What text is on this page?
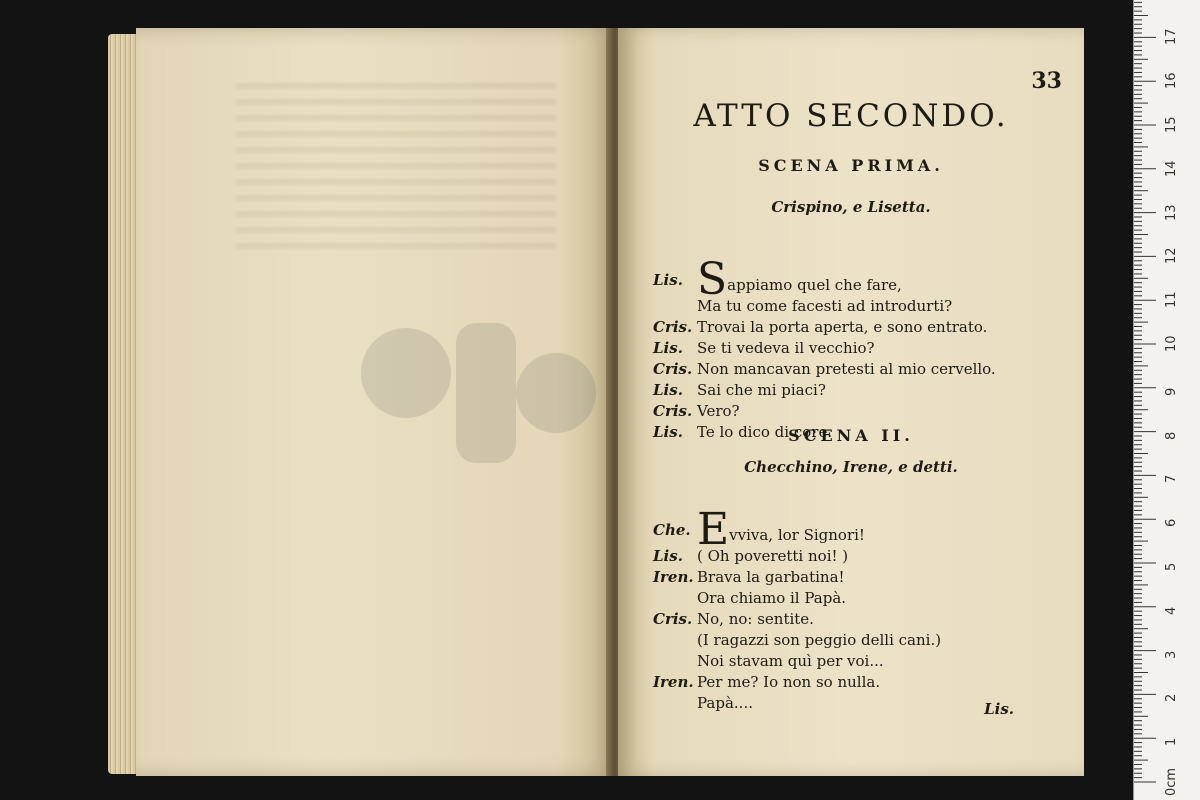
33
ATTO SECONDO.
SCENA PRIMA.
Crispino, e Lisetta.
Lis. Sappiamo quel che fare,
Ma tu come facesti ad introdurti?
Cris. Trovai la porta aperta, e sono entrato.
Lis. Se ti vedeva il vecchio?
Cris. Non mancavan pretesti al mio cervello.
Lis. Sai che mi piaci?
Cris. Vero?
Lis. Te lo dico di core.
SCENA II.
Checchino, Irene, e detti.
Che. Evviva, lor Signori!
Lis. ( Oh poveretti noi! )
Iren. Brava la garbatina!
Ora chiamo il Papà.
Cris. No, no: sentite.
(I ragazzi son peggio delli cani.)
Noi stavam quì per voi...
Iren. Per me? Io non so nulla.
Papà....	Lis.
0cm
1
2
3
4
5
6
7
8
9
10
11
12
13
14
15
16
17
